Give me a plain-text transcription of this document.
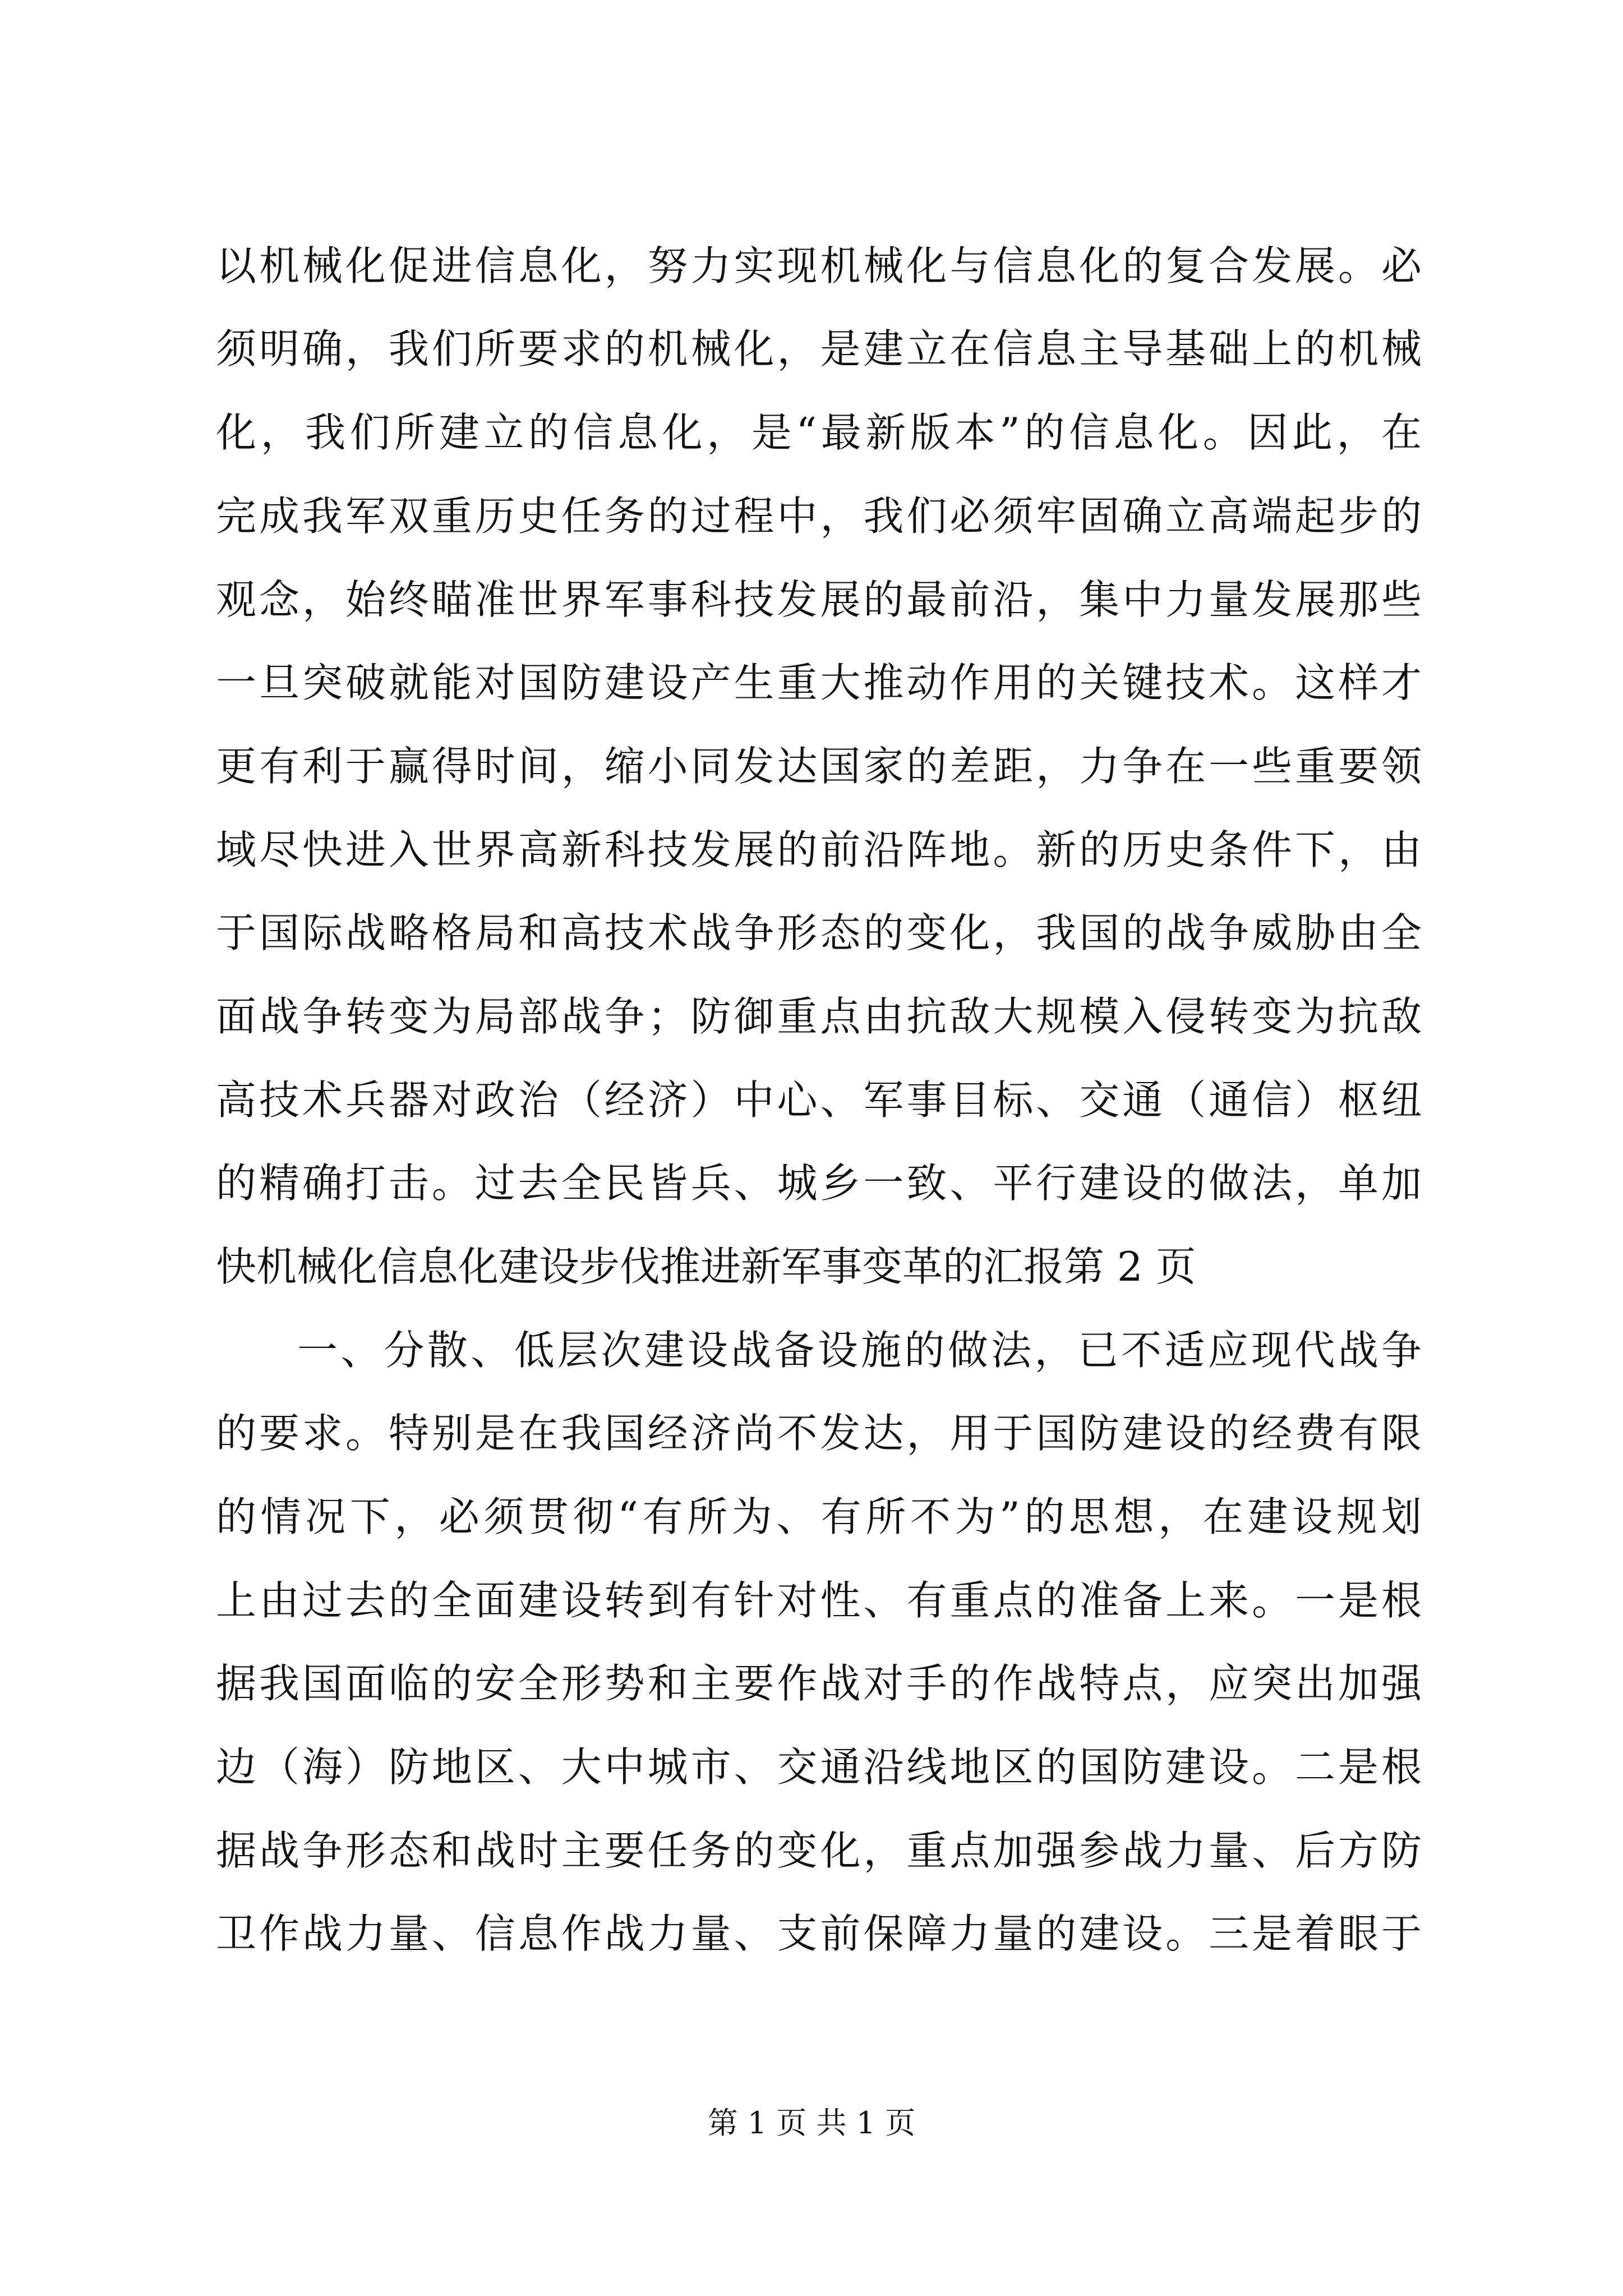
以机械化促进信息化，努力实现机械化与信息化的复合发展。必
须明确，我们所要求的机械化，是建立在信息主导基础上的机械
化，我们所建立的信息化，是“最新版本”的信息化。因此，在
完成我军双重历史任务的过程中，我们必须牢固确立高端起步的
观念，始终瞄准世界军事科技发展的最前沿，集中力量发展那些
一旦突破就能对国防建设产生重大推动作用的关键技术。这样才
更有利于赢得时间，缩小同发达国家的差距，力争在一些重要领
域尽快进入世界高新科技发展的前沿阵地。新的历史条件下，由
于国际战略格局和高技术战争形态的变化，我国的战争威胁由全
面战争转变为局部战争；防御重点由抗敌大规模入侵转变为抗敌
高技术兵器对政治（经济）中心、军事目标、交通（通信）枢纽
的精确打击。过去全民皆兵、城乡一致、平行建设的做法，单加
快机械化信息化建设步伐推进新军事变革的汇报第 2 页
一、分散、低层次建设战备设施的做法，已不适应现代战争
的要求。特别是在我国经济尚不发达，用于国防建设的经费有限
的情况下，必须贯彻“有所为、有所不为”的思想，在建设规划
上由过去的全面建设转到有针对性、有重点的准备上来。一是根
据我国面临的安全形势和主要作战对手的作战特点，应突出加强
边（海）防地区、大中城市、交通沿线地区的国防建设。二是根
据战争形态和战时主要任务的变化，重点加强参战力量、后方防
卫作战力量、信息作战力量、支前保障力量的建设。三是着眼于
第 1 页 共 1 页
